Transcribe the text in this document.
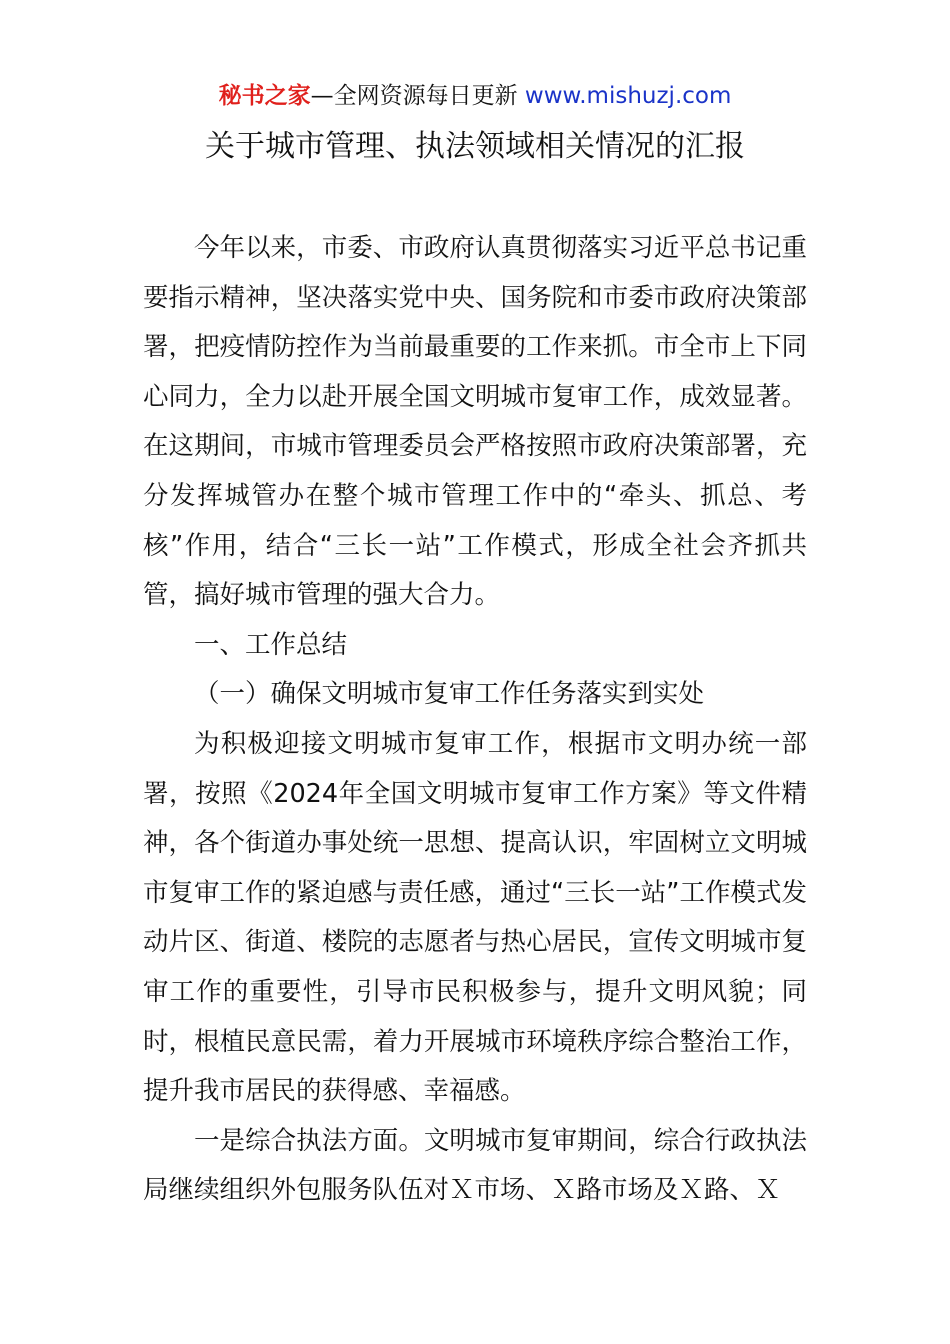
秘书之家—全网资源每日更新 www.mishuzj.com
关于城市管理、执法领域相关情况的汇报

今年以来，市委、市政府认真贯彻落实习近平总书记重要指示精神，坚决落实党中央、国务院和市委市政府决策部署，把疫情防控作为当前最重要的工作来抓。市全市上下同心同力，全力以赴开展全国文明城市复审工作，成效显著。在这期间，市城市管理委员会严格按照市政府决策部署，充分发挥城管办在整个城市管理工作中的“牵头、抓总、考核”作用，结合“三长一站”工作模式，形成全社会齐抓共管，搞好城市管理的强大合力。

一、工作总结

（一）确保文明城市复审工作任务落实到实处

为积极迎接文明城市复审工作，根据市文明办统一部署，按照《2024年全国文明城市复审工作方案》等文件精神，各个街道办事处统一思想、提高认识，牢固树立文明城市复审工作的紧迫感与责任感，通过“三长一站”工作模式发动片区、街道、楼院的志愿者与热心居民，宣传文明城市复审工作的重要性，引导市民积极参与，提升文明风貌；同时，根植民意民需，着力开展城市环境秩序综合整治工作，提升我市居民的获得感、幸福感。

一是综合执法方面。文明城市复审期间，综合行政执法局继续组织外包服务队伍对Ｘ市场、Ｘ路市场及Ｘ路、Ｘ
